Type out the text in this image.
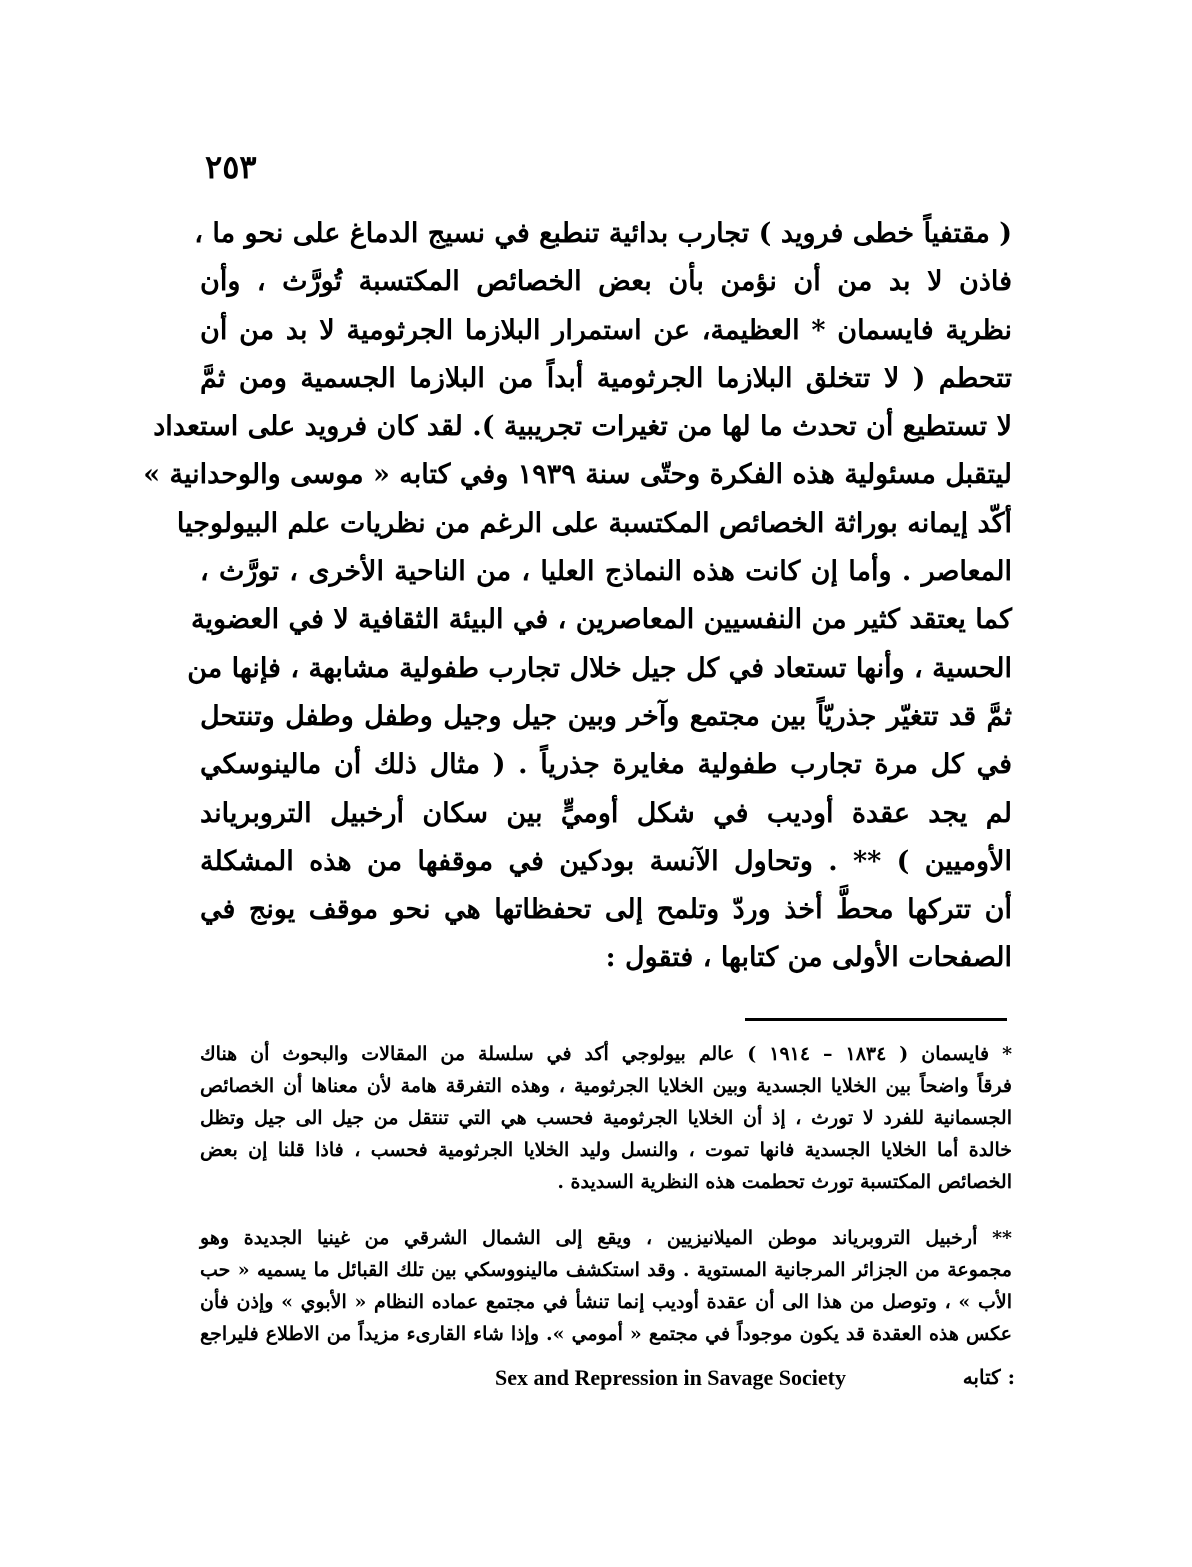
٢٥٣
( مقتفياً خطى فرويد ) تجارب بدائية تنطبع في نسيج الدماغ على نحو ما ،
فاذن لا بد من أن نؤمن بأن بعض الخصائص المكتسبة تُورَّث ، وأن
نظرية فايسمان * العظيمة، عن استمرار البلازما الجرثومية لا بد من أن
تتحطم ( لا تتخلق البلازما الجرثومية أبداً من البلازما الجسمية ومن ثمَّ
لا تستطيع أن تحدث ما لها من تغيرات تجريبية ). لقد كان فرويد على استعداد
ليتقبل مسئولية هذه الفكرة وحتّى سنة ١٩٣٩ وفي كتابه « موسى والوحدانية »
أكّد إيمانه بوراثة الخصائص المكتسبة على الرغم من نظريات علم البيولوجيا
المعاصر . وأما إن كانت هذه النماذج العليا ، من الناحية الأخرى ، تورَّث ،
كما يعتقد كثير من النفسيين المعاصرين ، في البيئة الثقافية لا في العضوية
الحسية ، وأنها تستعاد في كل جيل خلال تجارب طفولية مشابهة ، فإنها من
ثمَّ قد تتغيّر جذريّاً بين مجتمع وآخر وبين جيل وجيل وطفل وطفل وتنتحل
في كل مرة تجارب طفولية مغايرة جذرياً . ( مثال ذلك أن مالينوسكي
لم يجد عقدة أوديب في شكل أوميٍّ بين سكان أرخبيل التروبرياند
الأوميين ) ** . وتحاول الآنسة بودكين في موقفها من هذه المشكلة
أن تتركها محطَّ أخذ وردّ وتلمح إلى تحفظاتها هي نحو موقف يونج في
الصفحات الأولى من كتابها ، فتقول :
* فايسمان ( ١٨٣٤ – ١٩١٤ ) عالم بيولوجي أكد في سلسلة من المقالات والبحوث أن هناك
فرقاً واضحاً بين الخلايا الجسدية وبين الخلايا الجرثومية ، وهذه التفرقة هامة لأن معناها أن الخصائص
الجسمانية للفرد لا تورث ، إذ أن الخلايا الجرثومية فحسب هي التي تنتقل من جيل الى جيل وتظل
خالدة أما الخلايا الجسدية فانها تموت ، والنسل وليد الخلايا الجرثومية فحسب ، فاذا قلنا إن بعض
الخصائص المكتسبة تورث تحطمت هذه النظرية السديدة .
** أرخبيل التروبرياند موطن الميلانيزيين ، ويقع إلى الشمال الشرقي من غينيا الجديدة وهو
مجموعة من الجزائر المرجانية المستوية . وقد استكشف مالينووسكي بين تلك القبائل ما يسميه « حب
الأب » ، وتوصل من هذا الى أن عقدة أوديب إنما تنشأ في مجتمع عماده النظام « الأبوي » وإذن فأن
عكس هذه العقدة قد يكون موجوداً في مجتمع « أمومي ». وإذا شاء القارىء مزيداً من الاطلاع فليراجع
Sex and Repression in Savage Society	: كتابه
